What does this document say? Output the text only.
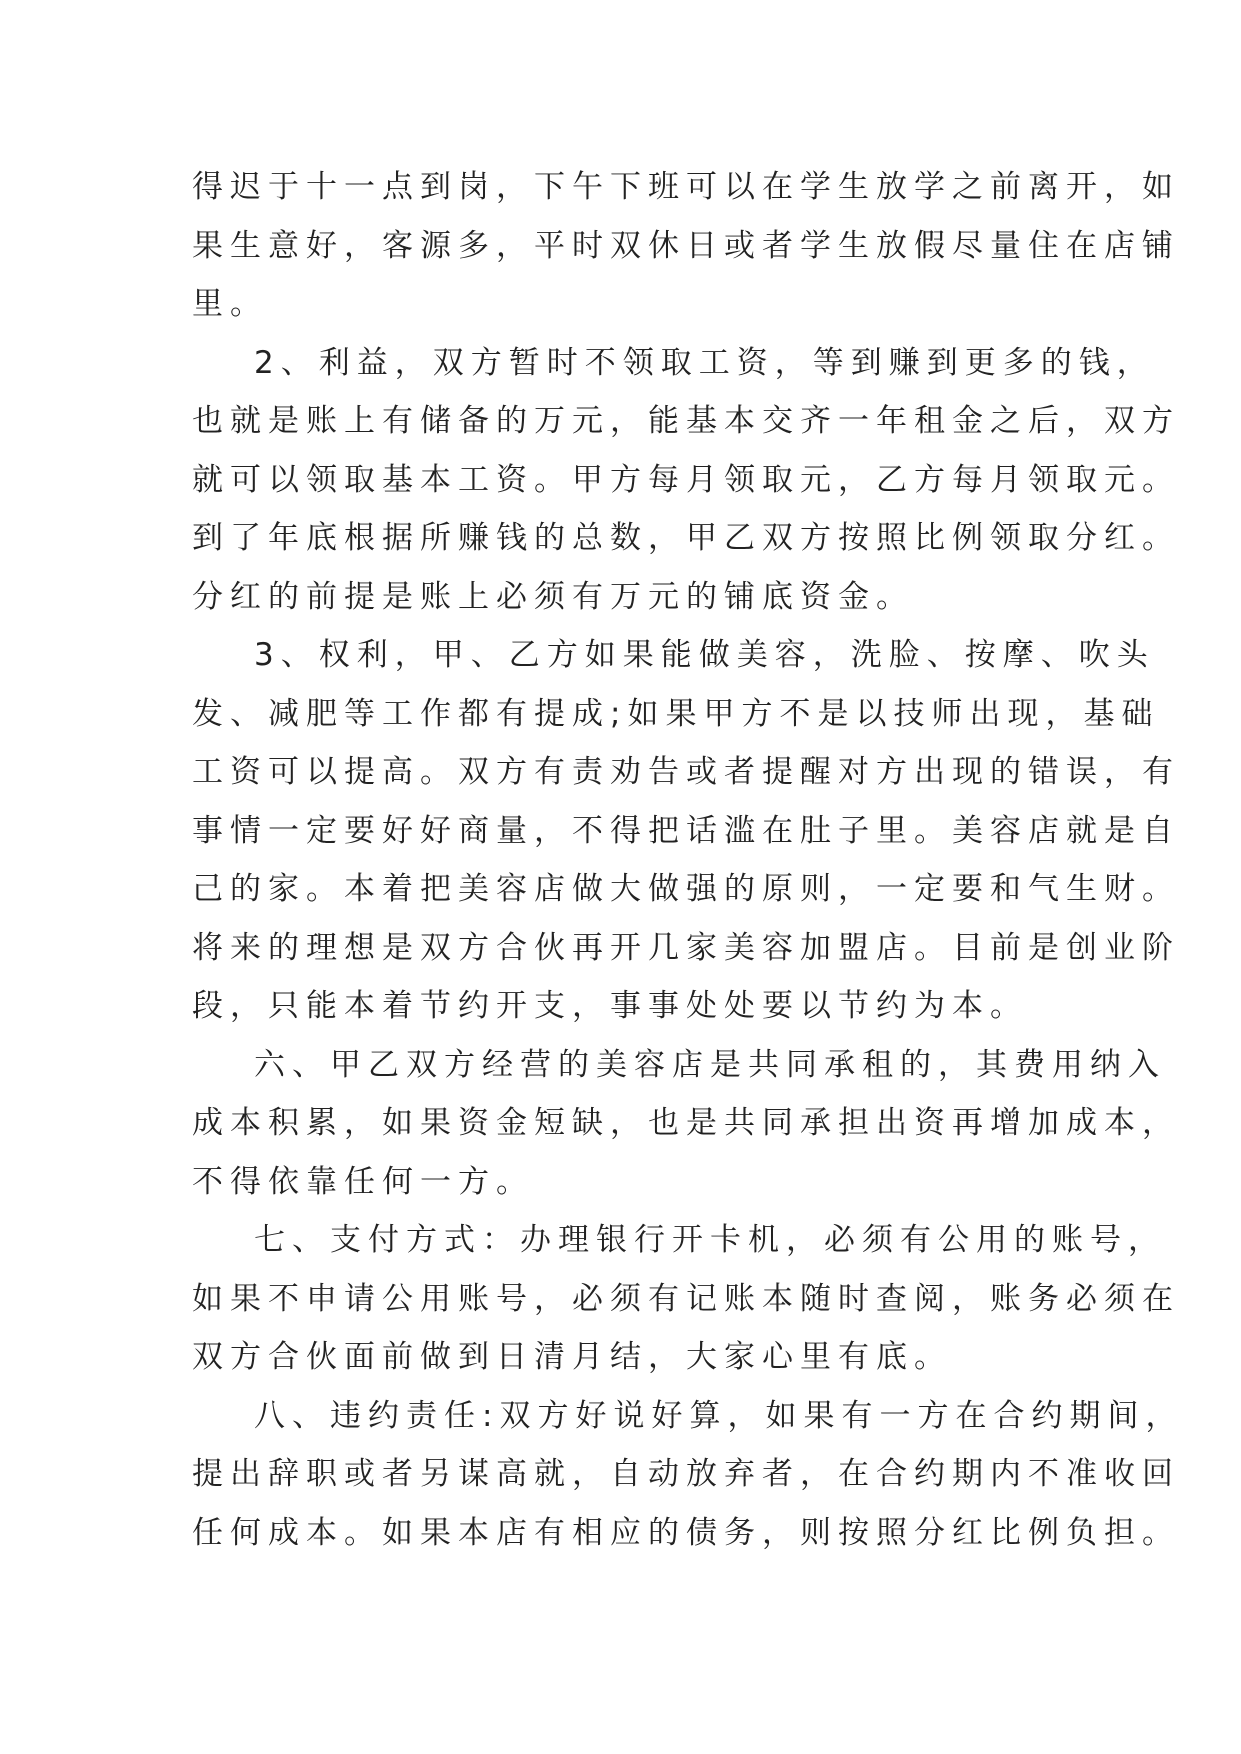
得迟于十一点到岗，下午下班可以在学生放学之前离开，如
果生意好，客源多，平时双休日或者学生放假尽量住在店铺
里。
2、利益，双方暂时不领取工资，等到赚到更多的钱，
也就是账上有储备的万元，能基本交齐一年租金之后，双方
就可以领取基本工资。甲方每月领取元，乙方每月领取元。
到了年底根据所赚钱的总数，甲乙双方按照比例领取分红。
分红的前提是账上必须有万元的铺底资金。
3、权利，甲、乙方如果能做美容，洗脸、按摩、吹头
发、减肥等工作都有提成;如果甲方不是以技师出现，基础
工资可以提高。双方有责劝告或者提醒对方出现的错误，有
事情一定要好好商量，不得把话滥在肚子里。美容店就是自
己的家。本着把美容店做大做强的原则，一定要和气生财。
将来的理想是双方合伙再开几家美容加盟店。目前是创业阶
段，只能本着节约开支，事事处处要以节约为本。
六、甲乙双方经营的美容店是共同承租的，其费用纳入
成本积累，如果资金短缺，也是共同承担出资再增加成本，
不得依靠任何一方。
七、支付方式：办理银行开卡机，必须有公用的账号，
如果不申请公用账号，必须有记账本随时查阅，账务必须在
双方合伙面前做到日清月结，大家心里有底。
八、违约责任:双方好说好算，如果有一方在合约期间，
提出辞职或者另谋高就，自动放弃者，在合约期内不准收回
任何成本。如果本店有相应的债务，则按照分红比例负担。
